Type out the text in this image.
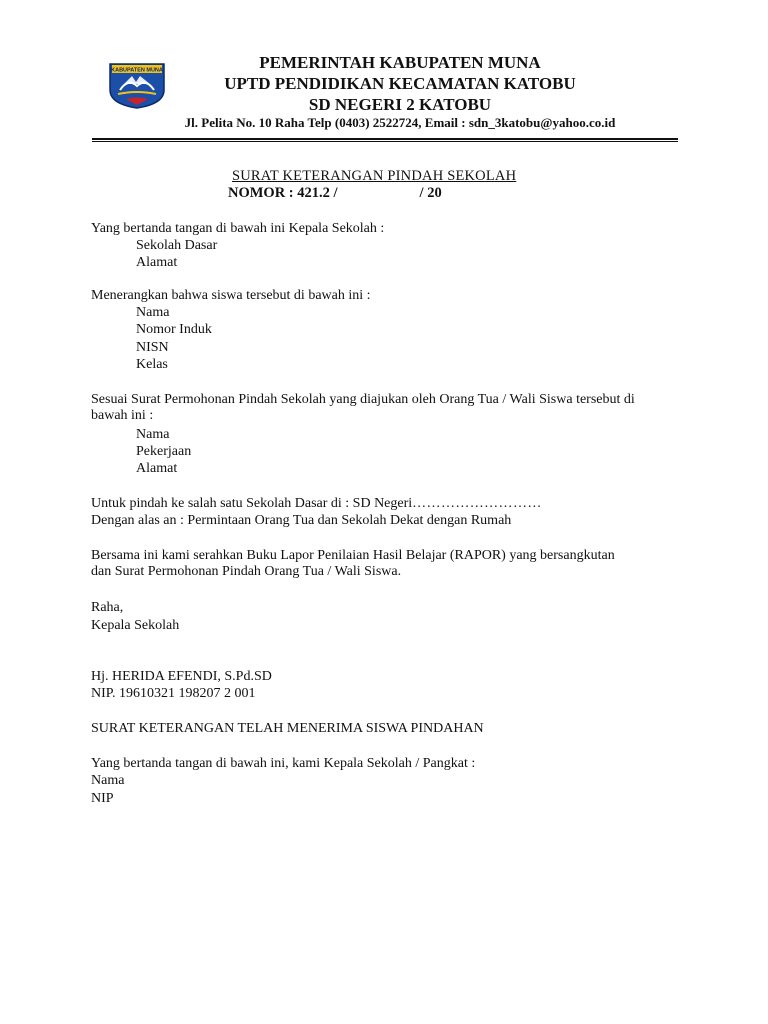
KABUPATEN MUNA	PEMERINTAH KABUPATEN MUNA
UPTD PENDIDIKAN KECAMATAN KATOBU
SD NEGERI 2 KATOBU
Jl. Pelita No. 10 Raha Telp (0403) 2522724, Email : sdn_3katobu@yahoo.co.id
SURAT KETERANGAN PINDAH SEKOLAH
NOMOR : 421.2 /	/ 20
Yang bertanda tangan di bawah ini Kepala Sekolah :
Sekolah Dasar
Alamat
Menerangkan bahwa siswa tersebut di bawah ini :
Nama
Nomor Induk
NISN
Kelas
Sesuai Surat Permohonan Pindah Sekolah yang diajukan oleh Orang Tua / Wali Siswa tersebut di
bawah ini :
Nama
Pekerjaan
Alamat
Untuk pindah ke salah satu Sekolah Dasar di : SD Negeri………………………
Dengan alas an : Permintaan Orang Tua dan Sekolah Dekat dengan Rumah
Bersama ini kami serahkan Buku Lapor Penilaian Hasil Belajar (RAPOR) yang bersangkutan
dan Surat Permohonan Pindah Orang Tua / Wali Siswa.
Raha,
Kepala Sekolah
Hj. HERIDA EFENDI, S.Pd.SD
NIP. 19610321 198207 2 001
SURAT KETERANGAN TELAH MENERIMA SISWA PINDAHAN
Yang bertanda tangan di bawah ini, kami Kepala Sekolah / Pangkat :
Nama
NIP
